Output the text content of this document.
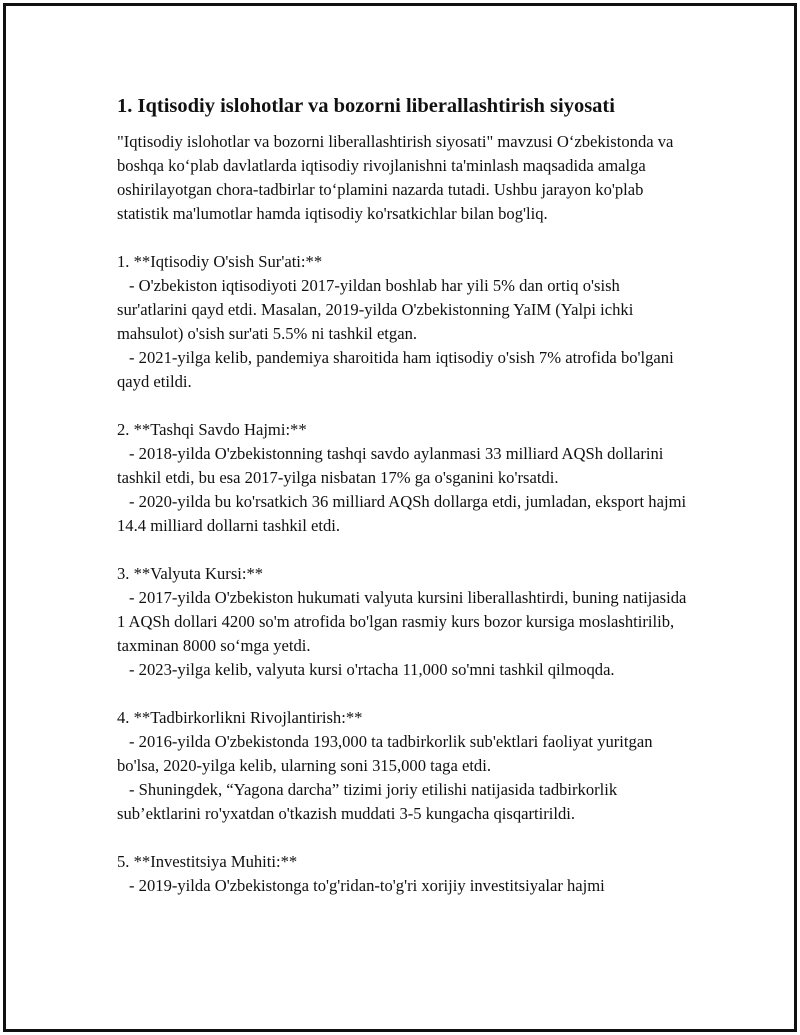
1. Iqtisodiy islohotlar va bozorni liberallashtirish siyosati

"Iqtisodiy islohotlar va bozorni liberallashtirish siyosati" mavzusi O‘zbekistonda va boshqa ko‘plab davlatlarda iqtisodiy rivojlanishni ta'minlash maqsadida amalga oshirilayotgan chora-tadbirlar to‘plamini nazarda tutadi. Ushbu jarayon ko'plab statistik ma'lumotlar hamda iqtisodiy ko'rsatkichlar bilan bog'liq.

1. **Iqtisodiy O'sish Sur'ati:**

- O'zbekiston iqtisodiyoti 2017-yildan boshlab har yili 5% dan ortiq o'sish sur'atlarini qayd etdi. Masalan, 2019-yilda O'zbekistonning YaIM (Yalpi ichki mahsulot) o'sish sur'ati 5.5% ni tashkil etgan.

- 2021-yilga kelib, pandemiya sharoitida ham iqtisodiy o'sish 7% atrofida bo'lgani qayd etildi.

2. **Tashqi Savdo Hajmi:**

- 2018-yilda O'zbekistonning tashqi savdo aylanmasi 33 milliard AQSh dollarini tashkil etdi, bu esa 2017-yilga nisbatan 17% ga o'sganini ko'rsatdi.

- 2020-yilda bu ko'rsatkich 36 milliard AQSh dollarga etdi, jumladan, eksport hajmi 14.4 milliard dollarni tashkil etdi.

3. **Valyuta Kursi:**

- 2017-yilda O'zbekiston hukumati valyuta kursini liberallashtirdi, buning natijasida 1 AQSh dollari 4200 so'm atrofida bo'lgan rasmiy kurs bozor kursiga moslashtirilib, taxminan 8000 so‘mga yetdi.

- 2023-yilga kelib, valyuta kursi o'rtacha 11,000 so'mni tashkil qilmoqda.

4. **Tadbirkorlikni Rivojlantirish:**

- 2016-yilda O'zbekistonda 193,000 ta tadbirkorlik sub'ektlari faoliyat yuritgan bo'lsa, 2020-yilga kelib, ularning soni 315,000 taga etdi.

- Shuningdek, “Yagona darcha” tizimi joriy etilishi natijasida tadbirkorlik sub’ektlarini ro'yxatdan o'tkazish muddati 3-5 kungacha qisqartirildi.

5. **Investitsiya Muhiti:**

- 2019-yilda O'zbekistonga to'g'ridan-to'g'ri xorijiy investitsiyalar hajmi
